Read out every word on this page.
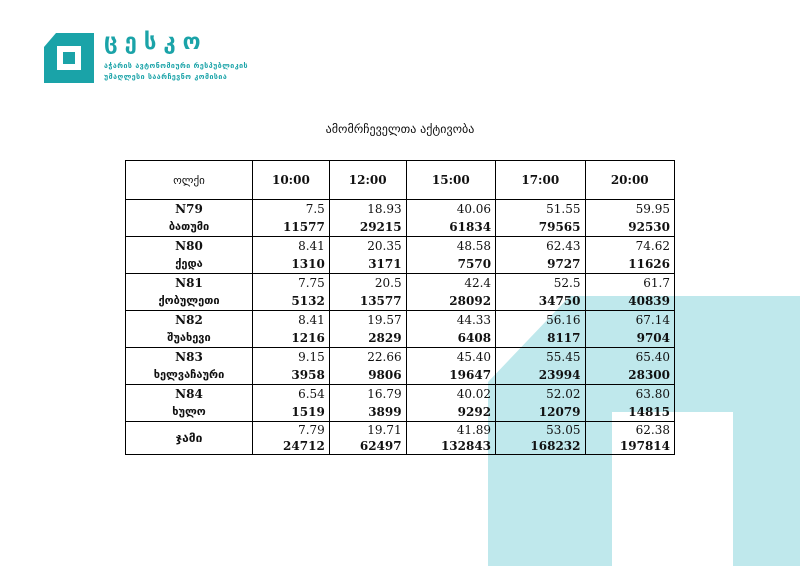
ცესკო
აჭარის ავტონომიური რესპუბლიკის
უმაღლესი საარჩევნო კომისია
ამომრჩეველთა აქტივობა
ოლქი	10:00	12:00	15:00	17:00	20:00

N79
ბათუმი	7.5	18.93	40.06	51.55	59.95
	11577	29215	61834	79565	92530

N80
ქედა	8.41	20.35	48.58	62.43	74.62
	1310	3171	7570	9727	11626

N81
ქობულეთი	7.75	20.5	42.4	52.5	61.7
	5132	13577	28092	34750	40839

N82
შუახევი	8.41	19.57	44.33	56.16	67.14
	1216	2829	6408	8117	9704

N83
ხელვაჩაური	9.15	22.66	45.40	55.45	65.40
	3958	9806	19647	23994	28300

N84
ხულო	6.54	16.79	40.02	52.02	63.80
	1519	3899	9292	12079	14815
ჯამი	7.79	19.71	41.89	53.05	62.38
	24712	62497	132843	168232	197814
